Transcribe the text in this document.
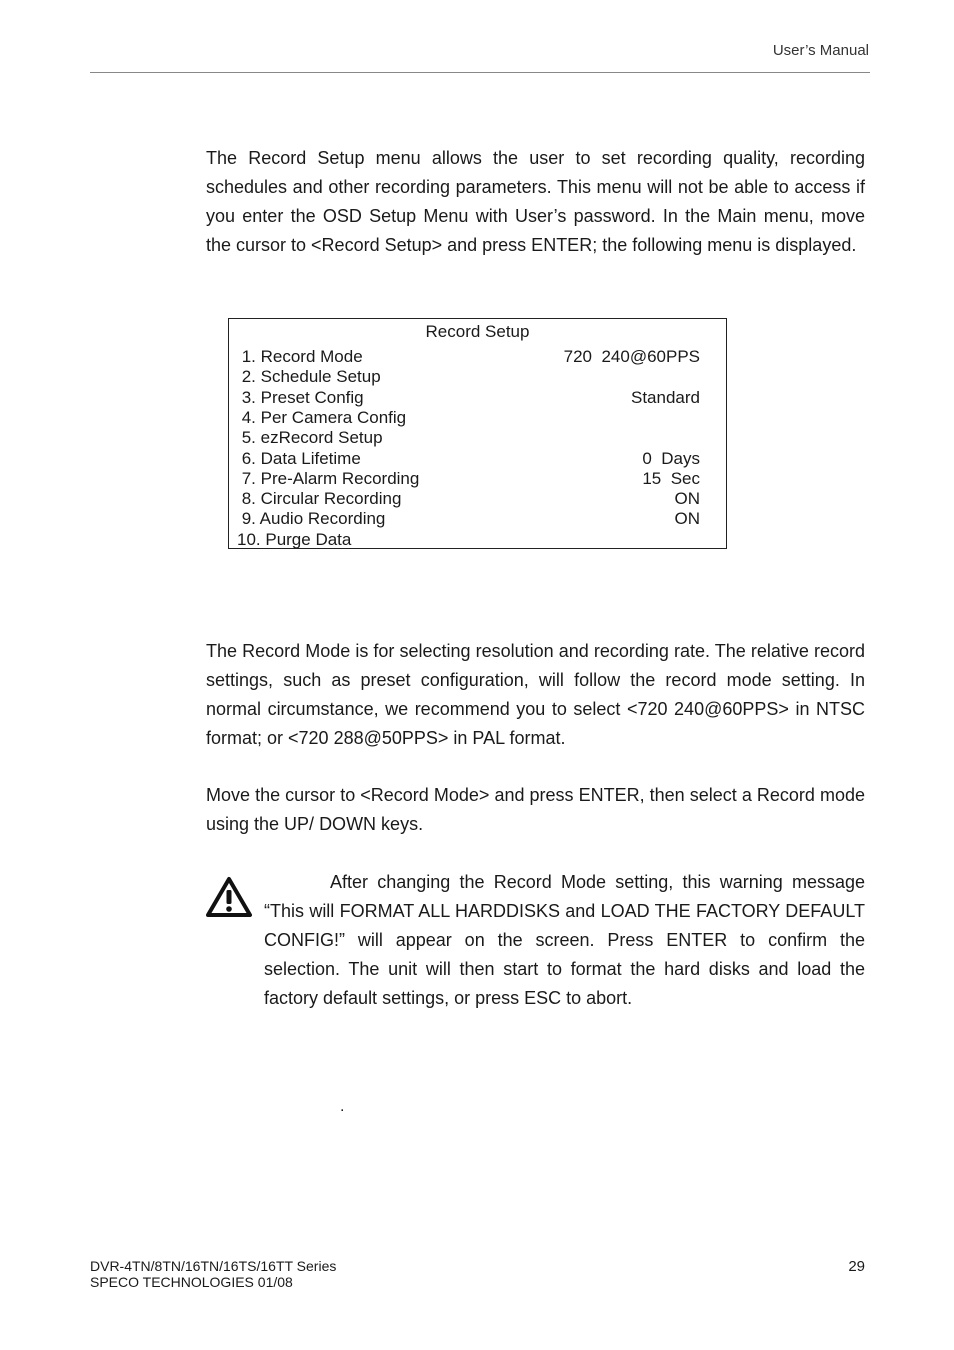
User’s Manual

The Record Setup menu allows the user to set recording quality, recording schedules and other recording parameters. This menu will not be able to access if you enter the OSD Setup Menu with User’s password. In the Main menu, move the cursor to <Record Setup> and press ENTER; the following menu is displayed.

Record Setup
1. Record Mode	720  240@60PPS
2. Schedule Setup
3. Preset Config	Standard
4. Per Camera Config
5. ezRecord Setup
6. Data Lifetime	0  Days
7. Pre-Alarm Recording	15  Sec
8. Circular Recording	ON
9. Audio Recording	ON
10. Purge Data

The Record Mode is for selecting resolution and recording rate. The relative record settings, such as preset configuration, will follow the record mode setting. In normal circumstance, we recommend you to select <720 240@60PPS> in NTSC format; or <720 288@50PPS> in PAL format.

Move the cursor to <Record Mode> and press ENTER, then select a Record mode using the UP/ DOWN keys.

After changing the Record Mode setting, this warning message “This will FORMAT ALL HARDDISKS and LOAD THE FACTORY DEFAULT CONFIG!” will appear on the screen. Press ENTER to confirm the selection. The unit will then start to format the hard disks and load the factory default settings, or press ESC to abort.

.
DVR-4TN/8TN/16TN/16TS/16TT Series
SPECO TECHNOLOGIES 01/08
29
